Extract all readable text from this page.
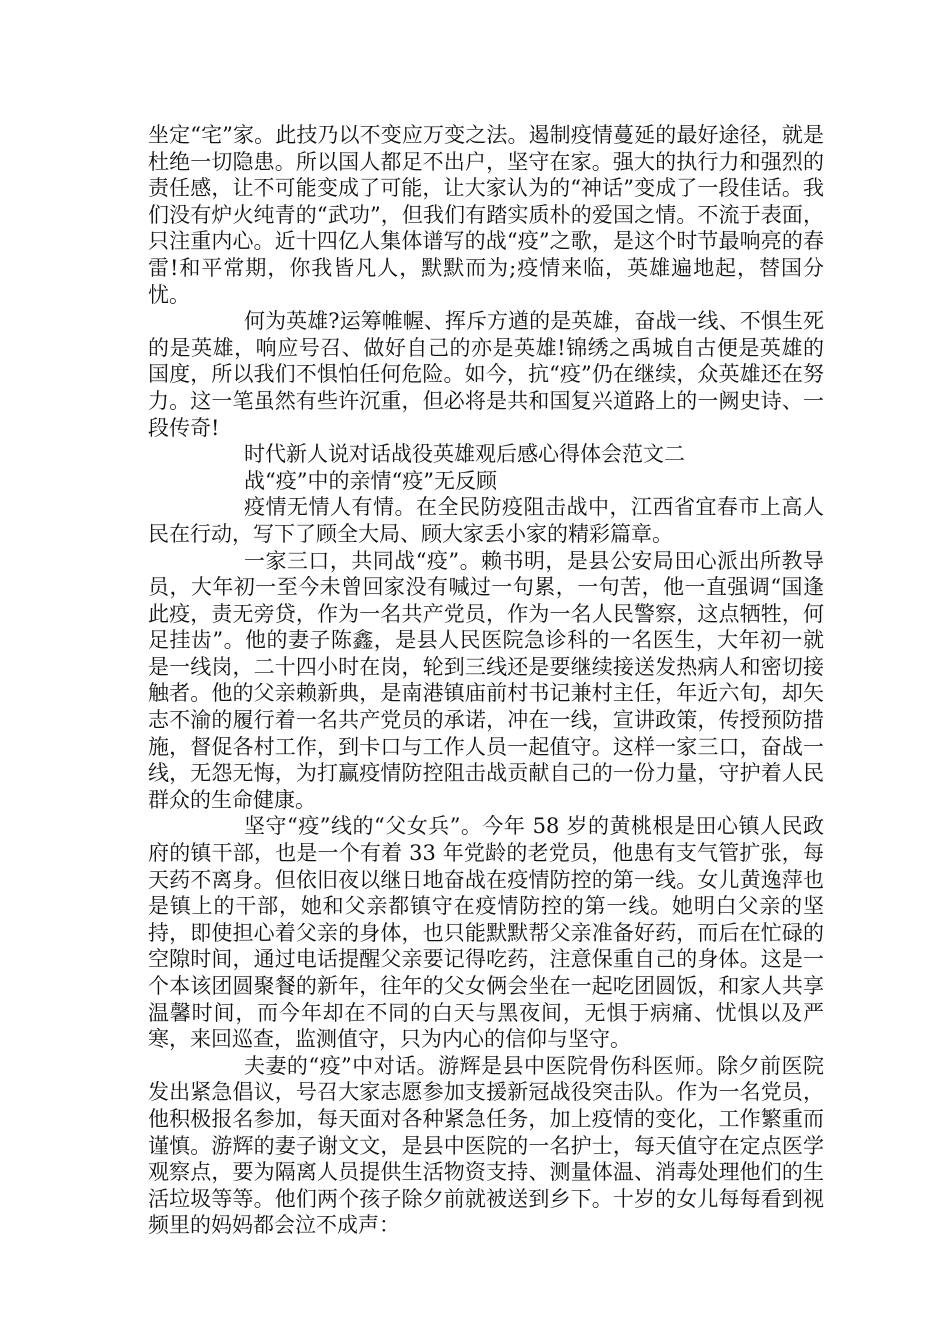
坐定“宅”家。此技乃以不变应万变之法。遏制疫情蔓延的最好途径，就是杜绝一切隐患。所以国人都足不出户，坚守在家。强大的执行力和强烈的责任感，让不可能变成了可能，让大家认为的“神话”变成了一段佳话。我们没有炉火纯青的“武功”，但我们有踏实质朴的爱国之情。不流于表面，只注重内心。近十四亿人集体谱写的战“疫”之歌，是这个时节最响亮的春雷!和平常期，你我皆凡人，默默而为;疫情来临，英雄遍地起，替国分忧。

何为英雄?运筹帷幄、挥斥方遒的是英雄，奋战一线、不惧生死的是英雄，响应号召、做好自己的亦是英雄!锦绣之禹城自古便是英雄的国度，所以我们不惧怕任何危险。如今，抗“疫”仍在继续，众英雄还在努力。这一笔虽然有些许沉重，但必将是共和国复兴道路上的一阙史诗、一段传奇!

时代新人说对话战役英雄观后感心得体会范文二

战“疫”中的亲情“疫”无反顾

疫情无情人有情。在全民防疫阻击战中，江西省宜春市上高人民在行动，写下了顾全大局、顾大家丢小家的精彩篇章。

一家三口，共同战“疫”。赖书明，是县公安局田心派出所教导员，大年初一至今未曾回家没有喊过一句累，一句苦，他一直强调“国逢此疫，责无旁贷，作为一名共产党员，作为一名人民警察，这点牺牲，何足挂齿”。他的妻子陈鑫，是县人民医院急诊科的一名医生，大年初一就是一线岗，二十四小时在岗，轮到三线还是要继续接送发热病人和密切接触者。他的父亲赖新典，是南港镇庙前村书记兼村主任，年近六旬，却矢志不渝的履行着一名共产党员的承诺，冲在一线，宣讲政策，传授预防措施，督促各村工作，到卡口与工作人员一起值守。这样一家三口，奋战一线，无怨无悔，为打赢疫情防控阻击战贡献自己的一份力量，守护着人民群众的生命健康。

坚守“疫”线的“父女兵”。今年 58 岁的黄桃根是田心镇人民政府的镇干部，也是一个有着 33 年党龄的老党员，他患有支气管扩张，每天药不离身。但依旧夜以继日地奋战在疫情防控的第一线。女儿黄逸萍也是镇上的干部，她和父亲都镇守在疫情防控的第一线。她明白父亲的坚持，即使担心着父亲的身体，也只能默默帮父亲准备好药，而后在忙碌的空隙时间，通过电话提醒父亲要记得吃药，注意保重自己的身体。这是一个本该团圆聚餐的新年，往年的父女俩会坐在一起吃团圆饭，和家人共享温馨时间，而今年却在不同的白天与黑夜间，无惧于病痛、忧惧以及严寒，来回巡查，监测值守，只为内心的信仰与坚守。

夫妻的“疫”中对话。游辉是县中医院骨伤科医师。除夕前医院发出紧急倡议，号召大家志愿参加支援新冠战役突击队。作为一名党员，他积极报名参加，每天面对各种紧急任务，加上疫情的变化，工作繁重而谨慎。游辉的妻子谢文文，是县中医院的一名护士，每天值守在定点医学观察点，要为隔离人员提供生活物资支持、测量体温、消毒处理他们的生活垃圾等等。他们两个孩子除夕前就被送到乡下。十岁的女儿每每看到视频里的妈妈都会泣不成声：
